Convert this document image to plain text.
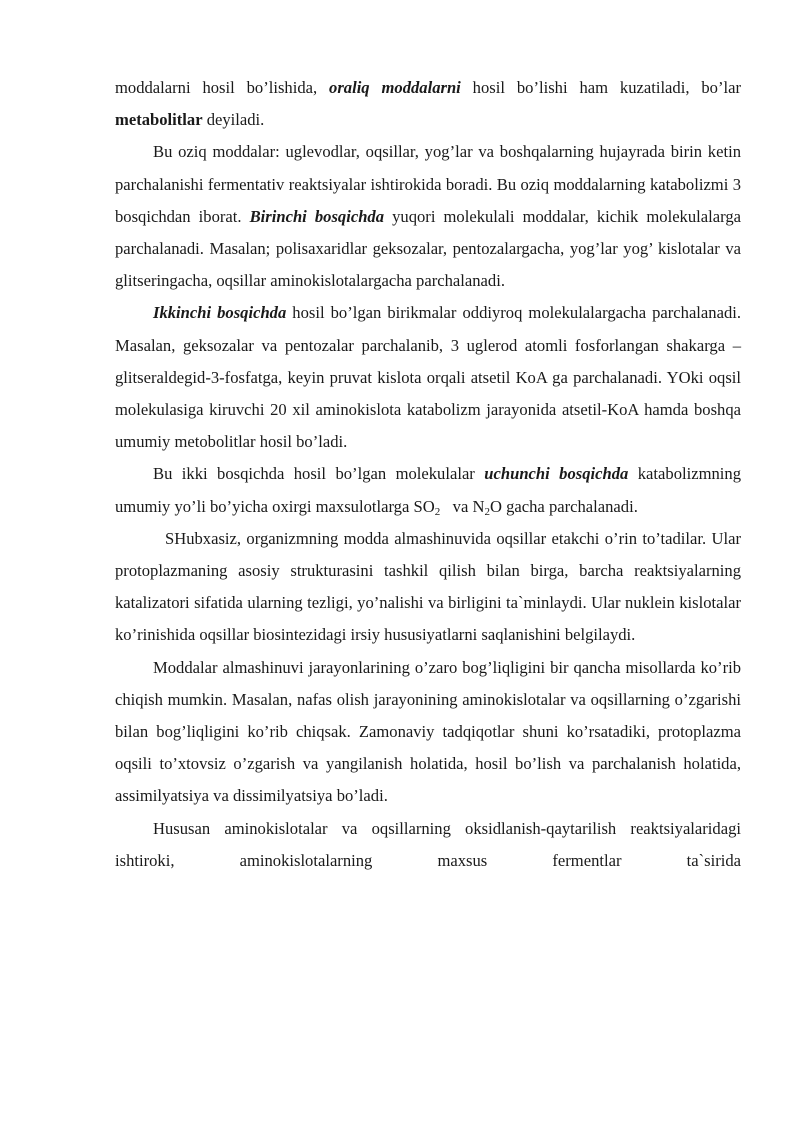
moddalarni hosil bo’lishida, oraliq moddalarni hosil bo’lishi ham kuzatiladi, bo’lar metabolitlar deyiladi.

Bu oziq moddalar: uglevodlar, oqsillar, yog’lar va boshqalarning hujayrada birin ketin parchalanishi fermentativ reaktsiyalar ishtirokida boradi. Bu oziq moddalarning katabolizmi 3 bosqichdan iborat. Birinchi bosqichda yuqori molekulali moddalar, kichik molekulalarga parchalanadi. Masalan; polisaxaridlar geksozalar, pentozalargacha, yog’lar yog’ kislotalar va glitseringacha, oqsillar aminokislotalargacha parchalanadi.

Ikkinchi bosqichda hosil bo’lgan birikmalar oddiyroq molekulalargacha parchalanadi. Masalan, geksozalar va pentozalar parchalanib, 3 uglerod atomli fosforlangan shakarga – glitseraldegid-3-fosfatga, keyin pruvat kislota orqali atsetil KoA ga parchalanadi. YOki oqsil molekulasiga kiruvchi 20 xil aminokislota katabolizm jarayonida atsetil-KoA hamda boshqa umumiy metobolitlar hosil bo’ladi.

Bu ikki bosqichda hosil bo’lgan molekulalar uchunchi bosqichda katabolizmning umumiy yo’li bo’yicha oxirgi maxsulotlarga $SO_2$   va $N_2O$ gacha parchalanadi.

SHubxasiz, organizmning modda almashinuvida oqsillar etakchi o’rin to’tadilar. Ular protoplazmaning asosiy strukturasini tashkil qilish bilan birga, barcha reaktsiyalarning katalizatori sifatida ularning tezligi, yo’nalishi va birligini ta`minlaydi. Ular nuklein kislotalar ko’rinishida oqsillar biosintezidagi irsiy hususiyatlarni saqlanishini belgilaydi.

Moddalar almashinuvi jarayonlarining o’zaro bog’liqligini bir qancha misollarda ko’rib chiqish mumkin. Masalan, nafas olish jarayonining aminokislotalar va oqsillarning o’zgarishi bilan bog’liqligini ko’rib chiqsak. Zamonaviy tadqiqotlar shuni ko’rsatadiki, protoplazma oqsili to’xtovsiz o’zgarish va yangilanish holatida, hosil bo’lish va parchalanish holatida, assimilyatsiya va dissimilyatsiya bo’ladi.

Hususan aminokislotalar va oqsillarning oksidlanish-qaytarilish reaktsiyalaridagi ishtiroki, aminokislotalarning maxsus fermentlar ta`sirida
